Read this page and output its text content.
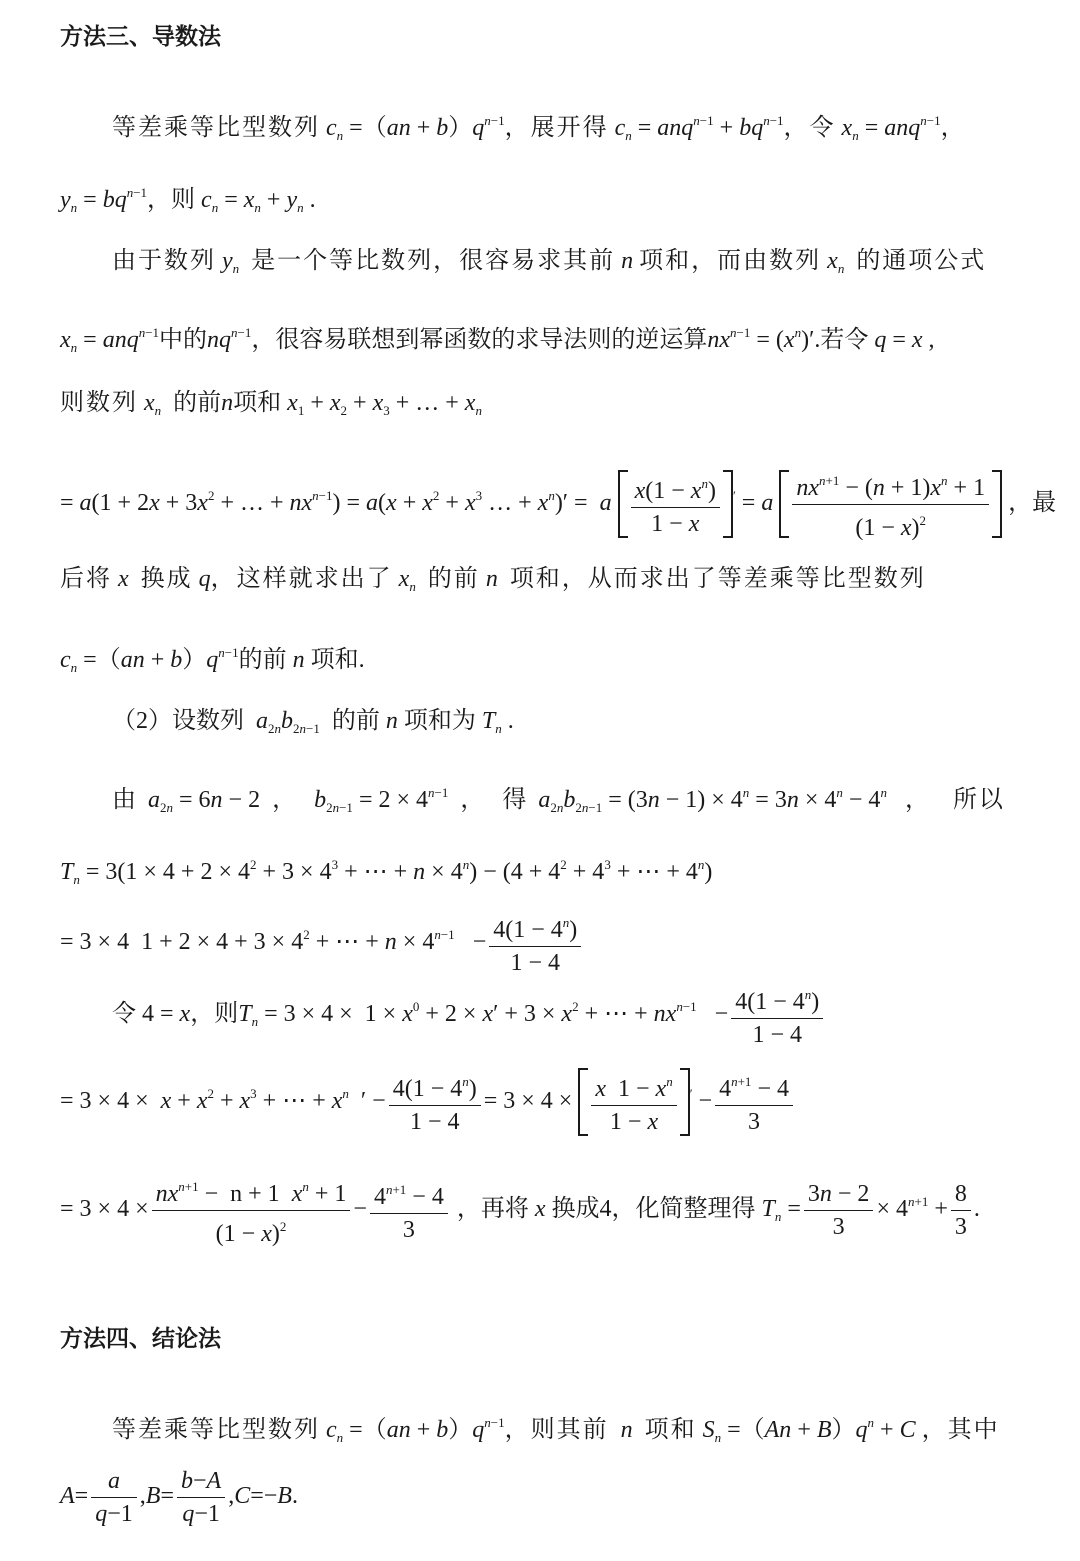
方法三、导数法
等差乘等比型数列 $c_n =(an + b)q^{n-1}$，展开得 $c_n = anq^{n-1} + bq^{n-1}$，令 $x_n = anq^{n-1}$，
$y_n = bq^{n-1}$，则 $c_n = x_n + y_n$ .
由于数列 $y_n$ 是一个等比数列，很容易求其前 n 项和，而由数列 $x_n$ 的通项公式
$x_n = anq^{n-1}$中的$nq^{n-1}$，很容易联想到幂函数的求导法则的逆运算$nx^{n-1} = (x^n)'$.若令 q = x ,
则数列 $x_n$ 的前n项和 $x_1 + x_2 + x_3$ + … + $x_n$
= $a(1 + 2x + 3x^2$ + … + $nx^{n-1}) = a(x + x^2 + x^3$ … + $x^n)' = a \frac{x(1 - x^n)}{1 - x} ' = a \frac{nx^{n+1} - (n + 1)x^n + 1}{(1 - x)^2}$ ，最
后将 x 换成 q，这样就求出了 $x_n$ 的前 n 项和，从而求出了等差乘等比型数列
$c_n =(an + b)q^{n-1}$的前 n 项和.
（2）设数列 $a_{2n}b_{2n-1}$ 的前 n 项和为 $T_n$ .
由 $a_{2n} = 6n - 2$  ， $b_{2n-1} = 2 \times 4^{n-1}$ ， 得 $a_{2n}b_{2n-1} = (3n - 1) \times 4^n = 3n \times 4^n - 4^n$ ， 所以
$T_n = 3(1 \times 4 + 2 \times 4^2 + 3 \times 4^3$ + ⋯ + $n \times 4^n) - (4 + 4^2 + 4^3$ + ⋯ + $4^n$)
= 3 × 4  $1 + 2 \times 4 + 3 \times 4^2$ + ⋯ + $n \times 4^{n-1} - \frac{4(1 - 4^n)}{1 - 4}$
令 4 = x，则$T_n = 3 \times 4 \times 1 \times x^0 + 2 \times x' + 3 \times x^2$ + ⋯ + $nx^{n-1} - \frac{4(1 - 4^n)}{1 - 4}$
= $3 \times 4 \times x + x^2 + x^3$ + ⋯ + $x^n$  ′ − $\frac{4(1 - 4^n)}{1 - 4} = 3 \times 4 \times \frac{x 1 - x^n}{1 - x} ' - \frac{4^{n+1} - 4}{3}$
= $3 \times 4 \times \frac{nx^{n+1} - n + 1 x^n + 1}{(1 - x)^2} - \frac{4^{n+1} - 4}{3}$ ，再将 x 换成4，化简整理得 $T_n = \frac{3n - 2}{3} \times 4^{n+1} + \frac{8}{3}$ .
方法四、结论法
等差乘等比型数列 $c_n =(an + b)q^{n-1}$，则其前 n 项和 $S_n =(An + B)q^n + C$ ，其中
$A= \frac{a}{q-1} ,B= \frac{b-A}{q-1} ,C=-B$.
